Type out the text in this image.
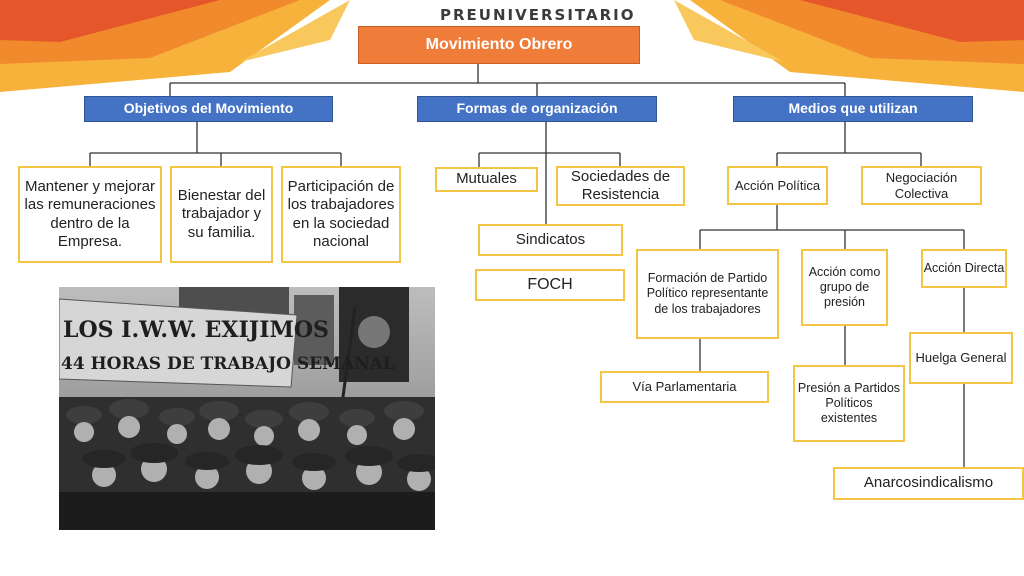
PREUNIVERSITARIO
Movimiento Obrero
Objetivos del Movimiento	Formas de organización	Medios que utilizan
Mantener y mejorar las remuneraciones dentro de la Empresa.
Bienestar del trabajador y su familia.
Participación de los trabajadores en la sociedad nacional
Mutuales	Sociedades de Resistencia
Sindicatos
FOCH
Acción Política
Negociación Colectiva
Formación de Partido Político representante de los trabajadores
Acción como grupo de presión
Acción Directa
Vía Parlamentaria	Presión a Partidos Políticos existentes
Huelga General
Anarcosindicalismo
LOS I.W.W. EXIJIMOS
44 HORAS DE TRABAJO SEMANAL
